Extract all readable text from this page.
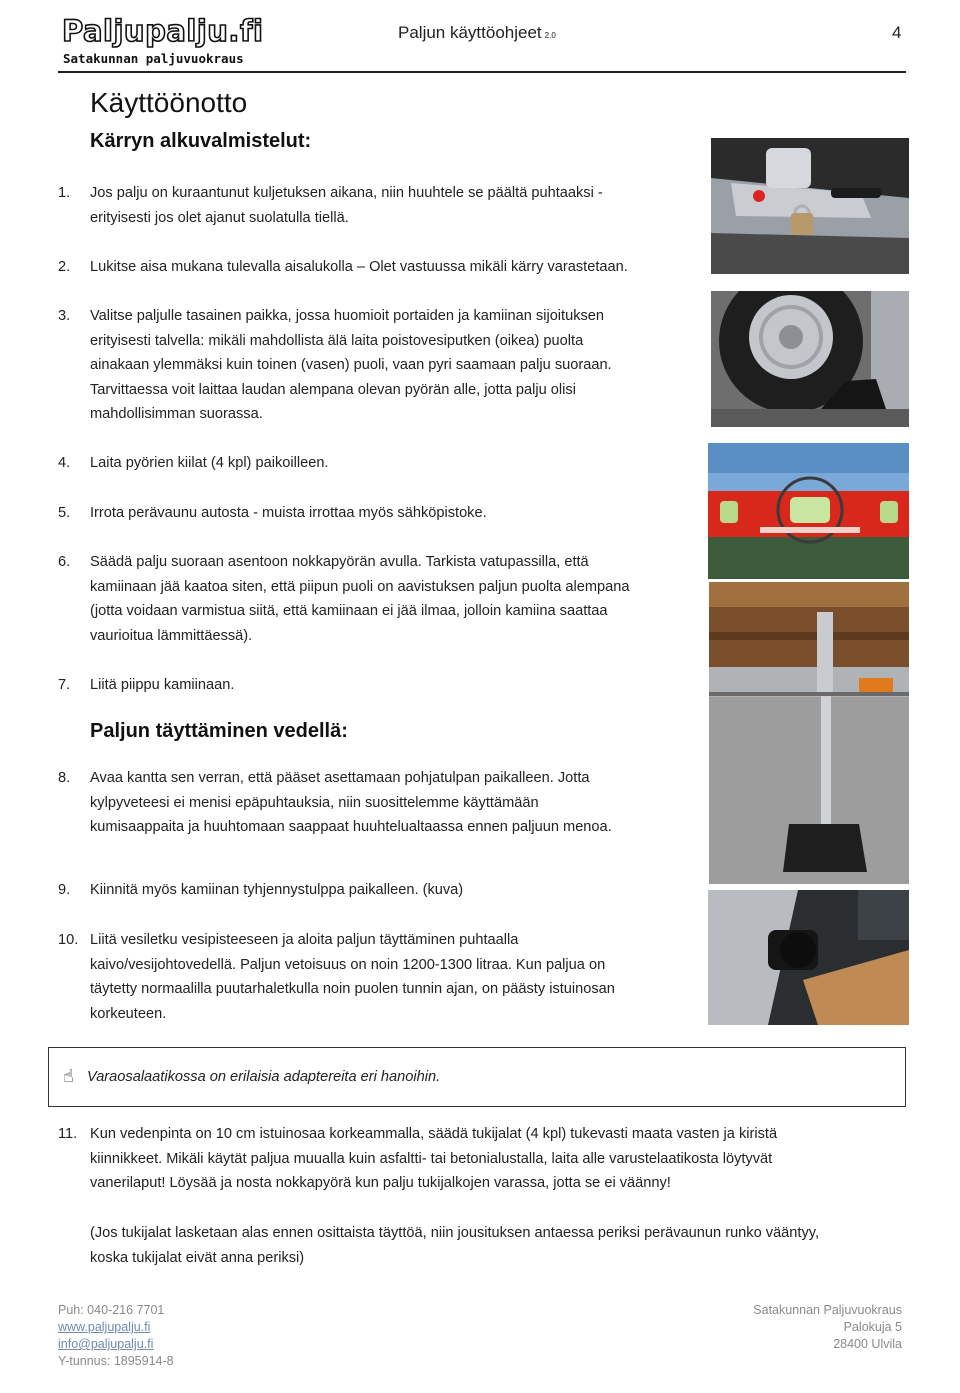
Paljupalju.fi
Satakunnan paljuvuokraus
Paljun käyttöohjeet 2.0	4
Käyttöönotto
Kärryn alkuvalmistelut:
Paljun täyttäminen vedellä:
1. Jos palju on kuraantunut kuljetuksen aikana, niin huuhtele se päältä puhtaaksi -
erityisesti jos olet ajanut suolatulla tiellä.
2. Lukitse aisa mukana tulevalla aisalukolla – Olet vastuussa mikäli kärry varastetaan.
3. Valitse paljulle tasainen paikka, jossa huomioit portaiden ja kamiinan sijoituksen
erityisesti talvella: mikäli mahdollista älä laita poistovesiputken (oikea) puolta
ainakaan ylemmäksi kuin toinen (vasen) puoli, vaan pyri saamaan palju suoraan.
Tarvittaessa voit laittaa laudan alempana olevan pyörän alle, jotta palju olisi
mahdollisimman suorassa.
4. Laita pyörien kiilat (4 kpl) paikoilleen.
5. Irrota perävaunu autosta - muista irrottaa myös sähköpistoke.
6. Säädä palju suoraan asentoon nokkapyörän avulla. Tarkista vatupassilla, että
kamiinaan jää kaatoa siten, että piipun puoli on aavistuksen paljun puolta alempana
(jotta voidaan varmistua siitä, että kamiinaan ei jää ilmaa, jolloin kamiina saattaa
vaurioitua lämmittäessä).
7. Liitä piippu kamiinaan.
8. Avaa kantta sen verran, että pääset asettamaan pohjatulpan paikalleen. Jotta
kylpyveteesi ei menisi epäpuhtauksia, niin suosittelemme käyttämään
kumisaappaita ja huuhtomaan saappaat huuhtelualtaassa ennen paljuun menoa.
9. Kiinnitä myös kamiinan tyhjennystulppa paikalleen. (kuva)
10. Liitä vesiletku vesipisteeseen ja aloita paljun täyttäminen puhtaalla
kaivo/vesijohtovedellä. Paljun vetoisuus on noin 1200-1300 litraa. Kun paljua on
täytetty normaalilla puutarhaletkulla noin puolen tunnin ajan, on päästy istuinosan
korkeuteen.
☝ Varaosalaatikossa on erilaisia adaptereita eri hanoihin.
11. Kun vedenpinta on 10 cm istuinosaa korkeammalla, säädä tukijalat (4 kpl) tukevasti maata vasten ja kiristä
kiinnikkeet. Mikäli käytät paljua muualla kuin asfaltti- tai betonialustalla, laita alle varustelaatikosta löytyvät
vanerilaput! Löysää ja nosta nokkapyörä kun palju tukijalkojen varassa, jotta se ei väänny!
(Jos tukijalat lasketaan alas ennen osittaista täyttöä, niin jousituksen antaessa periksi perävaunun runko vääntyy,
koska tukijalat eivät anna periksi)
Puh: 040-216 7701
www.paljupalju.fi
info@paljupalju.fi
Y-tunnus: 1895914-8
Satakunnan Paljuvuokraus
Palokuja 5
28400 Ulvila
